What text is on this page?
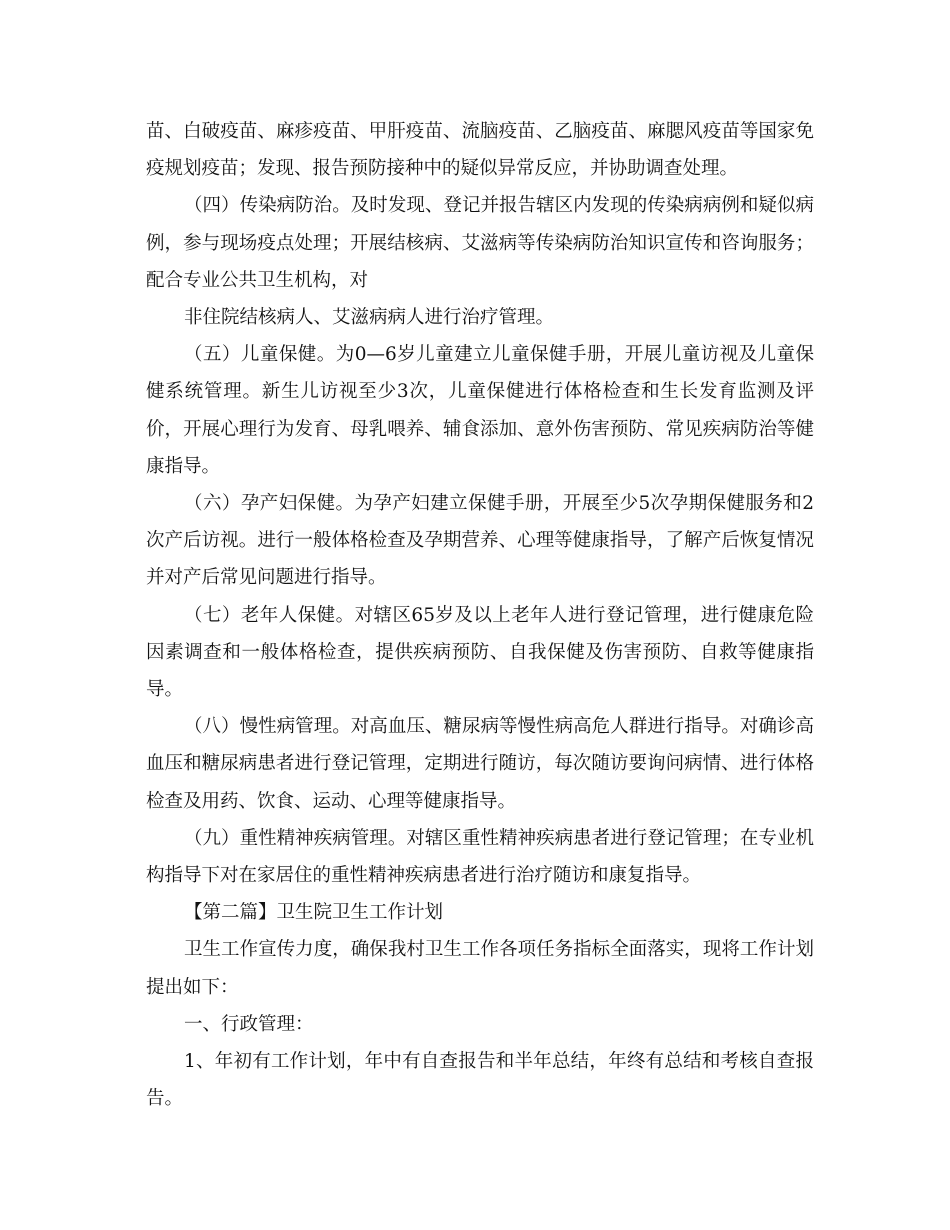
苗、白破疫苗、麻疹疫苗、甲肝疫苗、流脑疫苗、乙脑疫苗、麻腮风疫苗等国家免疫规划疫苗；发现、报告预防接种中的疑似异常反应，并协助调查处理。

（四）传染病防治。及时发现、登记并报告辖区内发现的传染病病例和疑似病例，参与现场疫点处理；开展结核病、艾滋病等传染病防治知识宣传和咨询服务；配合专业公共卫生机构，对

非住院结核病人、艾滋病病人进行治疗管理。

（五）儿童保健。为0—6岁儿童建立儿童保健手册，开展儿童访视及儿童保健系统管理。新生儿访视至少3次，儿童保健进行体格检查和生长发育监测及评价，开展心理行为发育、母乳喂养、辅食添加、意外伤害预防、常见疾病防治等健康指导。

（六）孕产妇保健。为孕产妇建立保健手册，开展至少5次孕期保健服务和2次产后访视。进行一般体格检查及孕期营养、心理等健康指导，了解产后恢复情况并对产后常见问题进行指导。

（七）老年人保健。对辖区65岁及以上老年人进行登记管理，进行健康危险因素调查和一般体格检查，提供疾病预防、自我保健及伤害预防、自救等健康指导。

（八）慢性病管理。对高血压、糖尿病等慢性病高危人群进行指导。对确诊高血压和糖尿病患者进行登记管理，定期进行随访，每次随访要询问病情、进行体格检查及用药、饮食、运动、心理等健康指导。

（九）重性精神疾病管理。对辖区重性精神疾病患者进行登记管理；在专业机构指导下对在家居住的重性精神疾病患者进行治疗随访和康复指导。

【第二篇】卫生院卫生工作计划

卫生工作宣传力度，确保我村卫生工作各项任务指标全面落实，现将工作计划提出如下：

一、行政管理：

1、年初有工作计划，年中有自查报告和半年总结，年终有总结和考核自查报告。
